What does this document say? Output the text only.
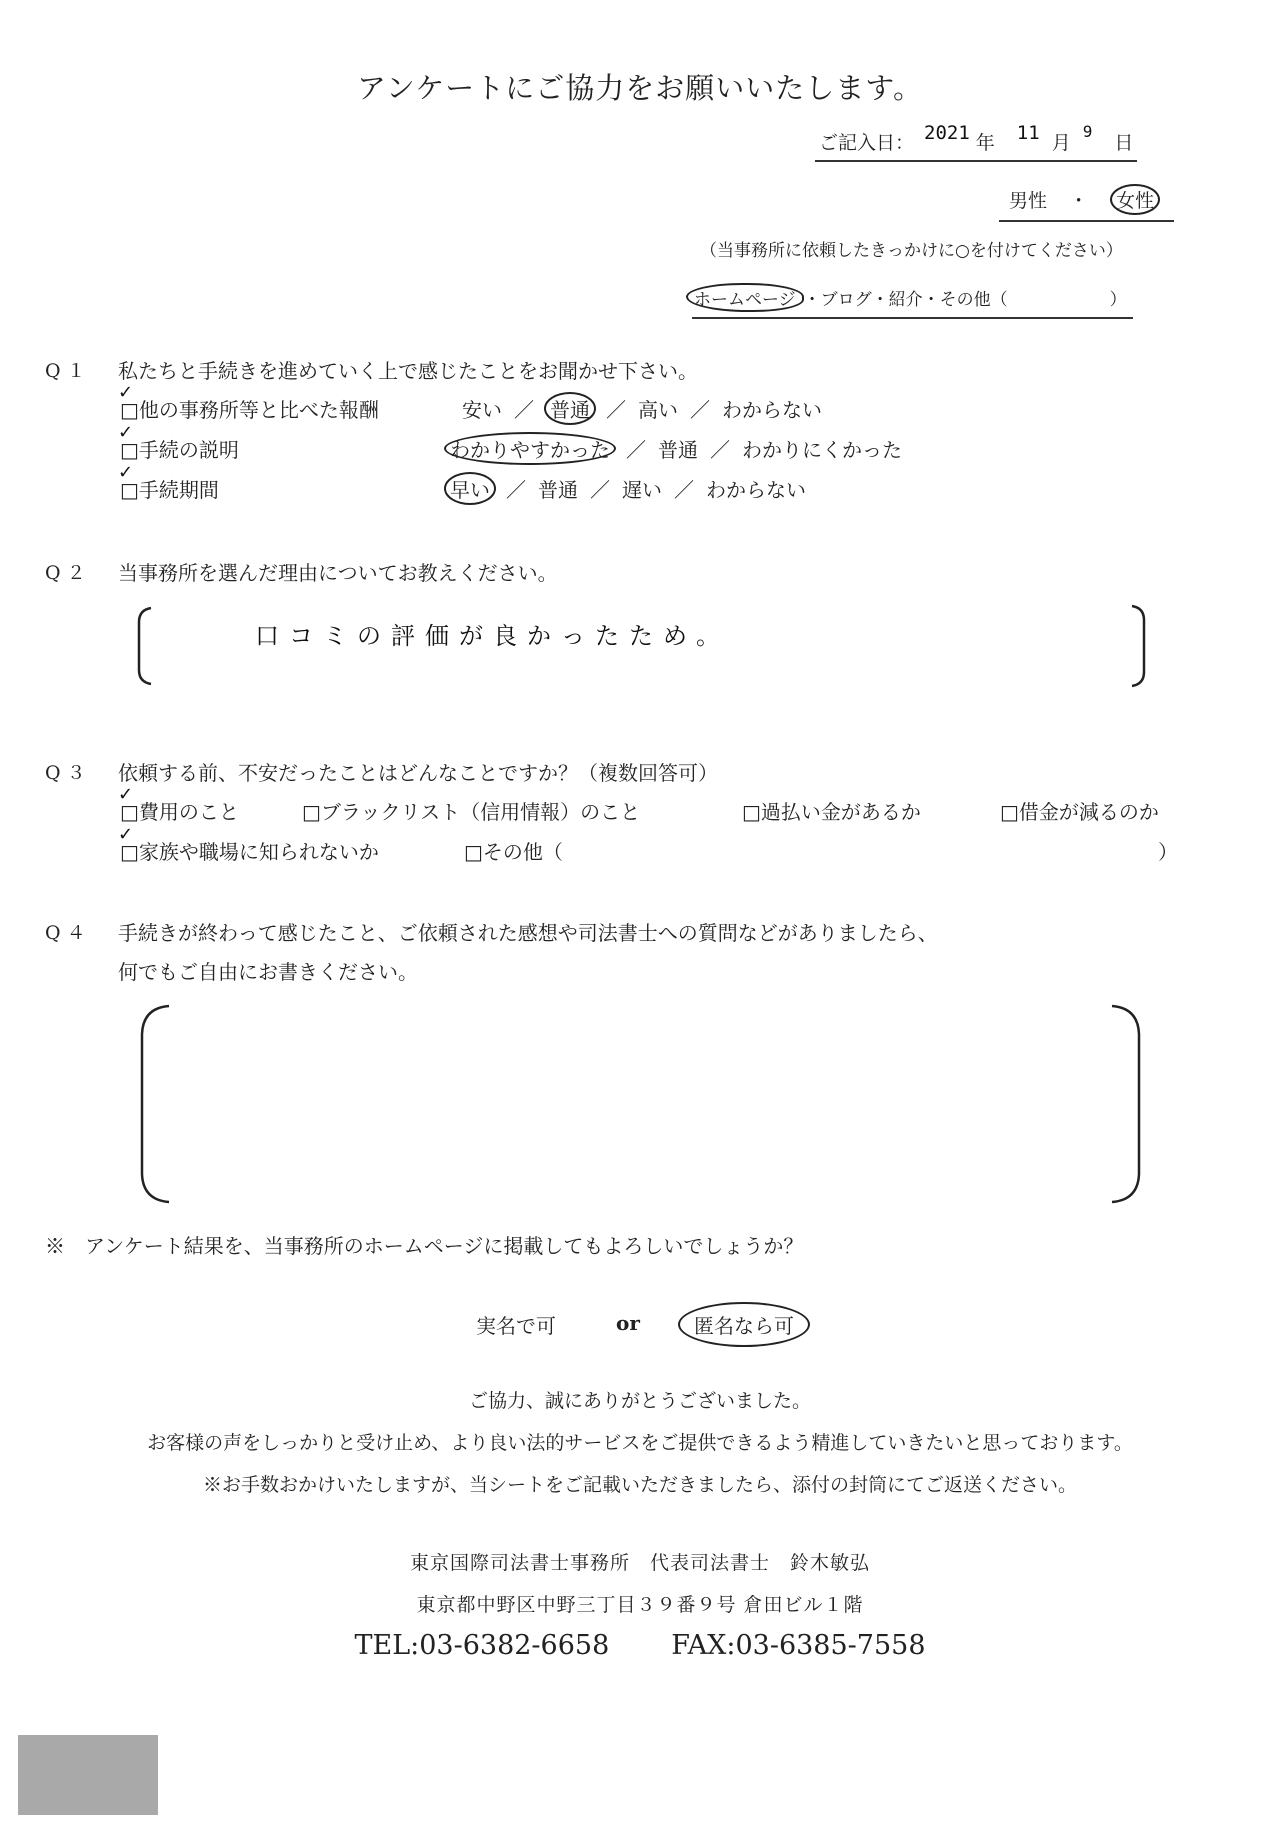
アンケートにご協力をお願いいたします。
ご記入日： 2021 年 11 月$^9$日
男性 ・ 女性
（当事務所に依頼したきっかけに○を付けてください）
ホームページ ・ブログ・紹介・その他（　　　　　　）
Q１ 私たちと手続きを進めていく上で感じたことをお聞かせ下さい。
□他の事務所等と比べた報酬 ✓	安い ／ 普通 ／ 高い ／ わからない
□手続の説明 ✓	わかりやすかった ／ 普通 ／ わかりにくかった
□手続期間 ✓	早い ／ 普通 ／ 遅い ／ わからない
Q２ 当事務所を選んだ理由についてお教えください。
口コミの評価が良かったため。
Q３ 依頼する前、不安だったことはどんなことですか？（複数回答可）
□費用のこと ✓	□ブラックリスト（信用情報）のこと	□過払い金があるか	□借金が減るのか
□家族や職場に知られないか ✓	□その他（	）
Q４ 手続きが終わって感じたこと、ご依頼された感想や司法書士への質問などがありましたら、
何でもご自由にお書きください。
※　アンケート結果を、当事務所のホームページに掲載してもよろしいでしょうか？
実名で可	or	匿名なら可
ご協力、誠にありがとうございました。
お客様の声をしっかりと受け止め、より良い法的サービスをご提供できるよう精進していきたいと思っております。
※お手数おかけいたしますが、当シートをご記載いただきましたら、添付の封筒にてご返送ください。
東京国際司法書士事務所　代表司法書士　鈴木敏弘
東京都中野区中野三丁目３９番９号 倉田ビル１階
TEL:03-6382-6658 FAX:03-6385-7558
